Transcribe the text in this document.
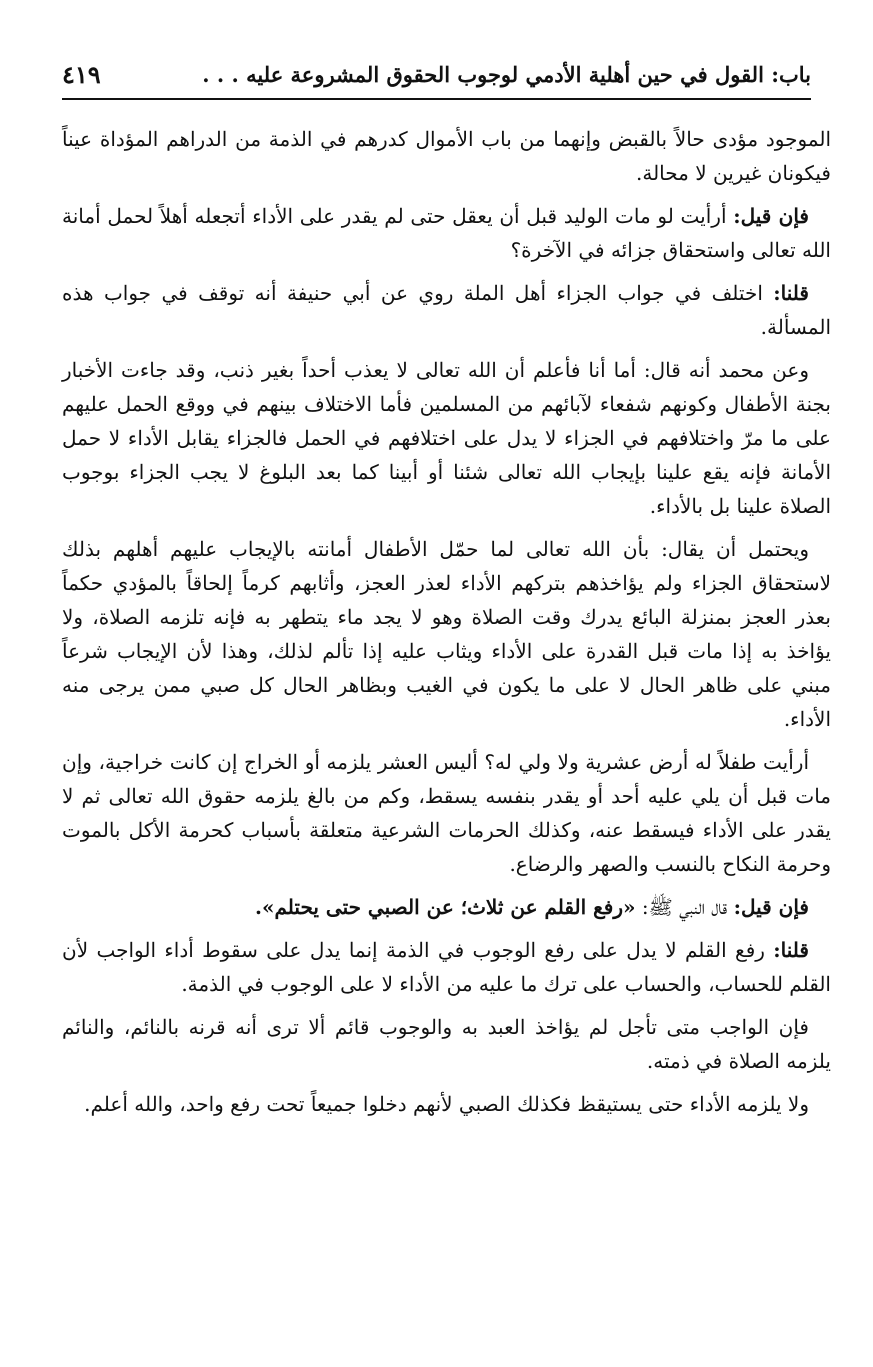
باب: القول في حين أهلية الأدمي لوجوب الحقوق المشروعة عليه . . .
٤١٩

الموجود مؤدى حالاً بالقبض وإنهما من باب الأموال كدرهم في الذمة من الدراهم المؤداة عيناً فيكونان غيرين لا محالة.

فإن قيل: أرأيت لو مات الوليد قبل أن يعقل حتى لم يقدر على الأداء أتجعله أهلاً لحمل أمانة الله تعالى واستحقاق جزائه في الآخرة؟

قلنا: اختلف في جواب الجزاء أهل الملة روي عن أبي حنيفة أنه توقف في جواب هذه المسألة.

وعن محمد أنه قال: أما أنا فأعلم أن الله تعالى لا يعذب أحداً بغير ذنب، وقد جاءت الأخبار بجنة الأطفال وكونهم شفعاء لآبائهم من المسلمين فأما الاختلاف بينهم في ووقع الحمل عليهم على ما مرّ واختلافهم في الجزاء لا يدل على اختلافهم في الحمل فالجزاء يقابل الأداء لا حمل الأمانة فإنه يقع علينا بإيجاب الله تعالى شئنا أو أبينا كما بعد البلوغ لا يجب الجزاء بوجوب الصلاة علينا بل بالأداء.

ويحتمل أن يقال: بأن الله تعالى لما حمّل الأطفال أمانته بالإيجاب عليهم أهلهم بذلك لاستحقاق الجزاء ولم يؤاخذهم بتركهم الأداء لعذر العجز، وأثابهم كرماً إلحاقاً بالمؤدي حكماً بعذر العجز بمنزلة البائع يدرك وقت الصلاة وهو لا يجد ماء يتطهر به فإنه تلزمه الصلاة، ولا يؤاخذ به إذا مات قبل القدرة على الأداء ويثاب عليه إذا تألم لذلك، وهذا لأن الإيجاب شرعاً مبني على ظاهر الحال لا على ما يكون في الغيب وبظاهر الحال كل صبي ممن يرجى منه الأداء.

أرأيت طفلاً له أرض عشرية ولا ولي له؟ أليس العشر يلزمه أو الخراج إن كانت خراجية، وإن مات قبل أن يلي عليه أحد أو يقدر بنفسه يسقط، وكم من بالغ يلزمه حقوق الله تعالى ثم لا يقدر على الأداء فيسقط عنه، وكذلك الحرمات الشرعية متعلقة بأسباب كحرمة الأكل بالموت وحرمة النكاح بالنسب والصهر والرضاع.

فإن قيل: قال النبي ﷺ: «رفع القلم عن ثلاث؛ عن الصبي حتى يحتلم».

قلنا: رفع القلم لا يدل على رفع الوجوب في الذمة إنما يدل على سقوط أداء الواجب لأن القلم للحساب، والحساب على ترك ما عليه من الأداء لا على الوجوب في الذمة.

فإن الواجب متى تأجل لم يؤاخذ العبد به والوجوب قائم ألا ترى أنه قرنه بالنائم، والنائم يلزمه الصلاة في ذمته.

ولا يلزمه الأداء حتى يستيقظ فكذلك الصبي لأنهم دخلوا جميعاً تحت رفع واحد، والله أعلم.
